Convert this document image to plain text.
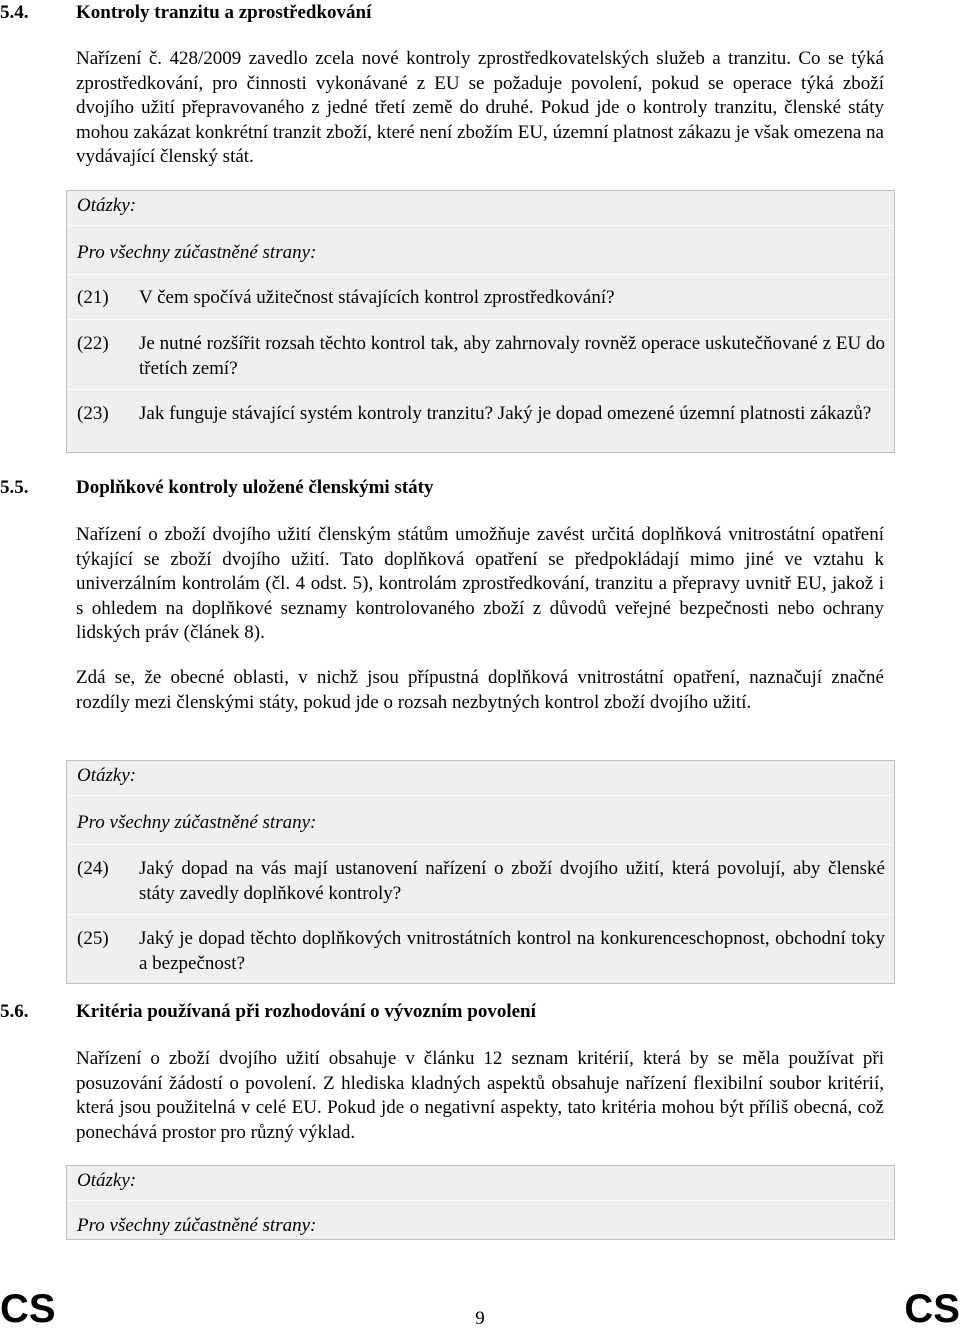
5.4.	Kontroly tranzitu a zprostředkování
Nařízení č. 428/2009 zavedlo zcela nové kontroly zprostředkovatelských služeb a tranzitu. Co se týká zprostředkování, pro činnosti vykonávané z EU se požaduje povolení, pokud se operace týká zboží dvojího užití přepravovaného z jedné třetí země do druhé. Pokud jde o kontroly tranzitu, členské státy mohou zakázat konkrétní tranzit zboží, které není zbožím EU, územní platnost zákazu je však omezena na vydávající členský stát.
Otázky:
Pro všechny zúčastněné strany:
(21) V čem spočívá užitečnost stávajících kontrol zprostředkování?
(22) Je nutné rozšířit rozsah těchto kontrol tak, aby zahrnovaly rovněž operace uskutečňované z EU do třetích zemí?
(23) Jak funguje stávající systém kontroly tranzitu? Jaký je dopad omezené územní platnosti zákazů?
5.5.	Doplňkové kontroly uložené členskými státy
Nařízení o zboží dvojího užití členským státům umožňuje zavést určitá doplňková vnitrostátní opatření týkající se zboží dvojího užití. Tato doplňková opatření se předpokládají mimo jiné ve vztahu k univerzálním kontrolám (čl. 4 odst. 5), kontrolám zprostředkování, tranzitu a přepravy uvnitř EU, jakož i s ohledem na doplňkové seznamy kontrolovaného zboží z důvodů veřejné bezpečnosti nebo ochrany lidských práv (článek 8).
Zdá se, že obecné oblasti, v nichž jsou přípustná doplňková vnitrostátní opatření, naznačují značné rozdíly mezi členskými státy, pokud jde o rozsah nezbytných kontrol zboží dvojího užití.
Otázky:
Pro všechny zúčastněné strany:
(24) Jaký dopad na vás mají ustanovení nařízení o zboží dvojího užití, která povolují, aby členské státy zavedly doplňkové kontroly?
(25) Jaký je dopad těchto doplňkových vnitrostátních kontrol na konkurenceschopnost, obchodní toky a bezpečnost?
5.6.	Kritéria používaná při rozhodování o vývozním povolení
Nařízení o zboží dvojího užití obsahuje v článku 12 seznam kritérií, která by se měla používat při posuzování žádostí o povolení. Z hlediska kladných aspektů obsahuje nařízení flexibilní soubor kritérií, která jsou použitelná v celé EU. Pokud jde o negativní aspekty, tato kritéria mohou být příliš obecná, což ponechává prostor pro různý výklad.
Otázky:
Pro všechny zúčastněné strany:
CS	9	CS
